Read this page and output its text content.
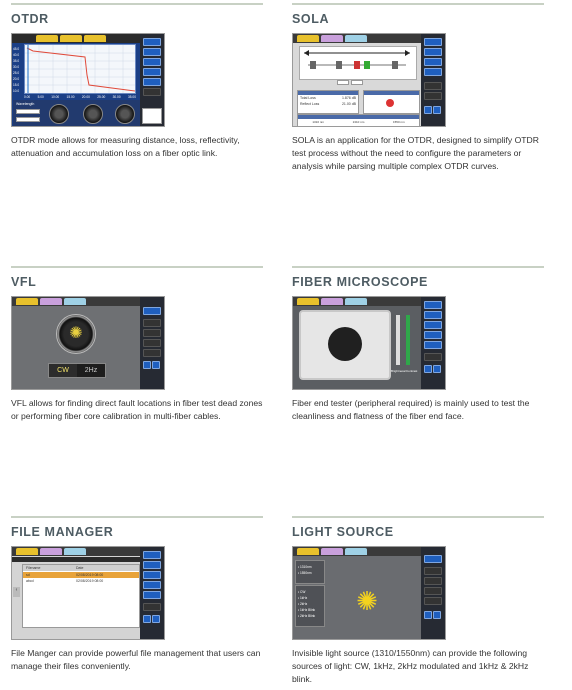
OTDR
45.0
40.0
35.0
30.0
25.0
20.0
15.0
10.0
0.00 5.00 10.00 15.00 20.00 25.00 30.00 35.00
Wavelength
OTDR mode allows for measuring distance, loss, reflectivity, attenuation and accumulation loss on a fiber optic link.
SOLA
Total Loss	1.876 dB
Reflect Loss	21.00 dB
1310 nm	1310 nm	1550 nm
SOLA is an application for the OTDR, designed to simplify OTDR test process without the need to configure the parameters or analysis while parsing multiple complex OTDR curves.
VFL
✺
CW	2Hz
VFL allows for finding direct fault locations in fiber test dead zones or performing fiber core calibration in multi-fiber cables.
FIBER MICROSCOPE
Brightness/Contrast
Fiber end tester (peripheral required) is mainly used to test the cleanliness and flatness of the fiber end face.
FILE MANAGER
Filename	Date
sd	02/08/2019 08:00
abcd	02/08/2019 08:00
‹
File Manger can provide powerful file management that users can manage their files conveniently.
LIGHT SOURCE
▪ 1310nm
▪ 1550nm
▪ CW
▪ 1kHz
▪ 2kHz
▪ 1kHz Blink
▪ 2kHz Blink ✺
Invisible light source (1310/1550nm) can provide the following sources of light: CW, 1kHz, 2kHz modulated and 1kHz & 2kHz blink.
